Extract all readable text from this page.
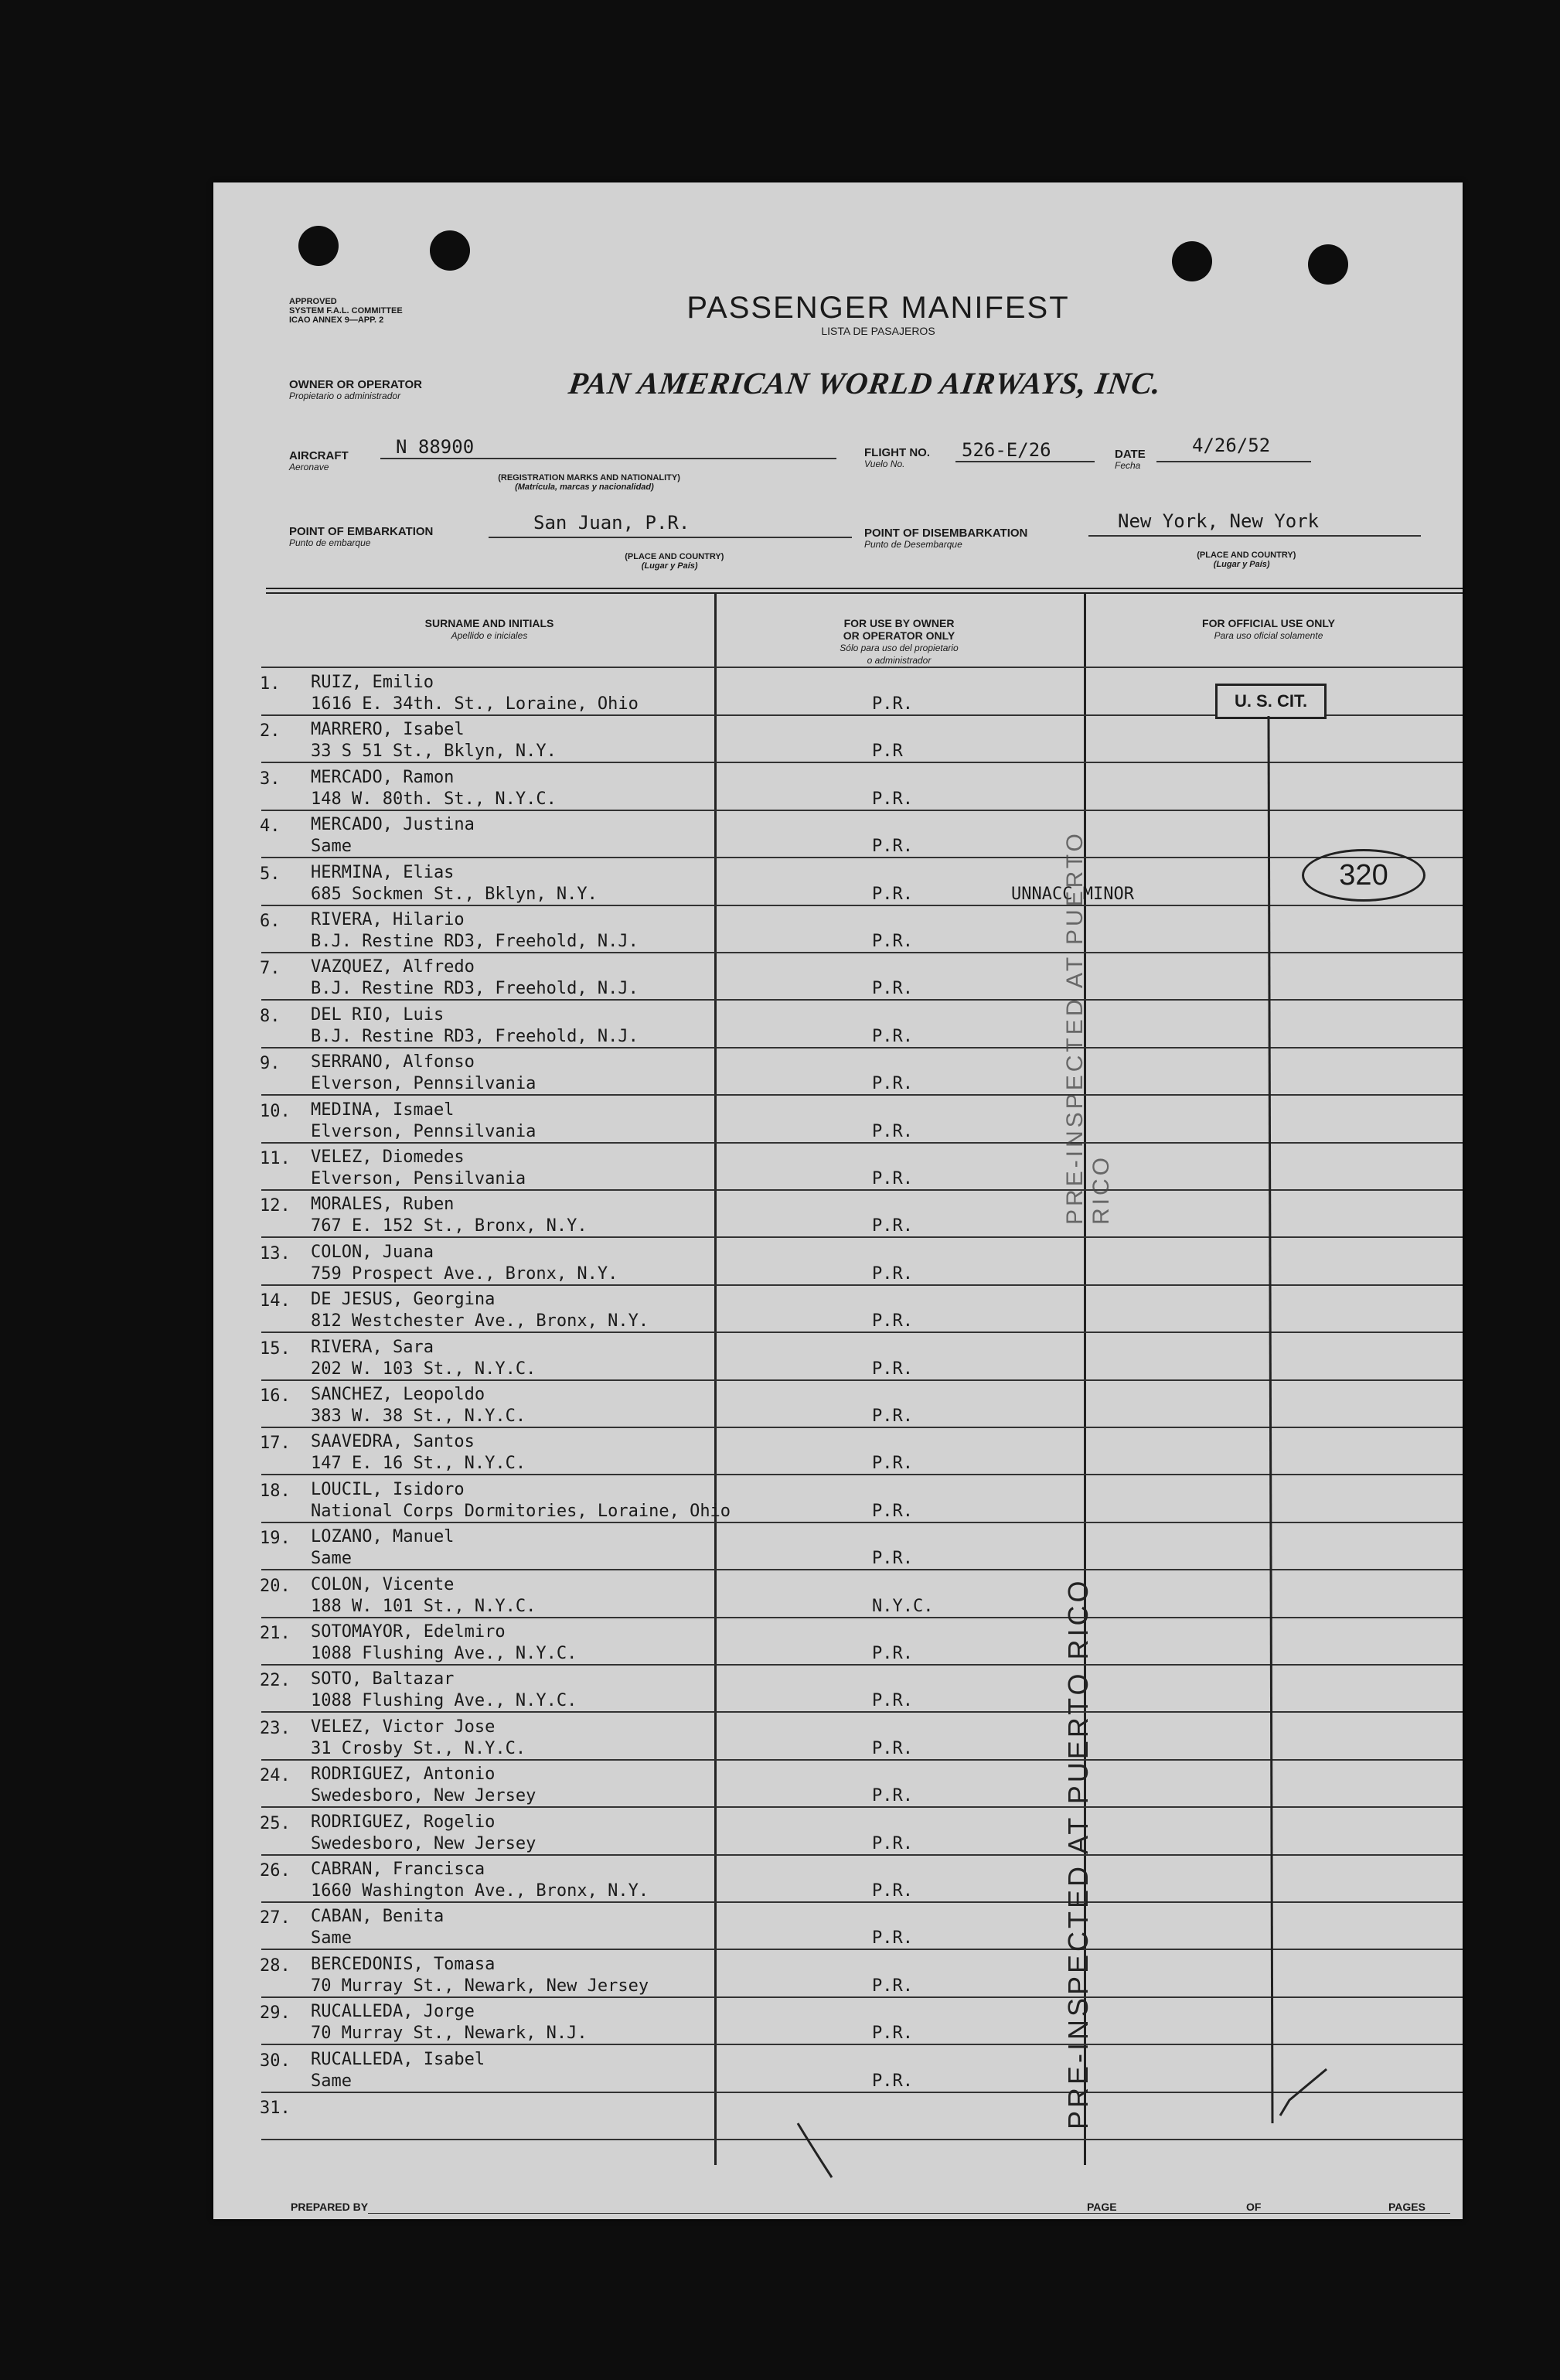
APPROVED
SYSTEM F.A.L. COMMITTEE
ICAO ANNEX 9—APP. 2	PASSENGER MANIFEST
LISTA DE PASAJEROS
OWNER OR OPERATOR
Propietario o administrador	PAN AMERICAN WORLD AIRWAYS, INC.
AIRCRAFT
Aeronave
N 88900

(REGISTRATION MARKS AND NATIONALITY)
(Matrícula, marcas y nacionalidad)

FLIGHT NO.
Vuelo No.
526-E/26	DATE
Fecha
4/26/52
POINT OF EMBARKATION
Punto de embarque
San Juan, P.R.

(PLACE AND COUNTRY)
(Lugar y País)

POINT OF DISEMBARKATION
Punto de Desembarque
New York, New York

(PLACE AND COUNTRY)
(Lugar y País)

SURNAME AND INITIALS
Apellido e iniciales

FOR USE BY OWNER
OR OPERATOR ONLY
Sólo para uso del propietario
o administrador

FOR OFFICIAL USE ONLY
Para uso oficial solamente
1. RUIZ, Emilio
1616 E. 34th. St., Loraine, Ohio	P.R.
2. MARRERO, Isabel
33 S 51 St., Bklyn, N.Y.	P.R
3. MERCADO, Ramon
148 W. 80th. St., N.Y.C.	P.R.
4. MERCADO, Justina
Same	P.R.
5. HERMINA, Elias
685 Sockmen St., Bklyn, N.Y.	P.R.	UNNACC MINOR
6. RIVERA, Hilario
B.J. Restine RD3, Freehold, N.J.	P.R.
7. VAZQUEZ, Alfredo
B.J. Restine RD3, Freehold, N.J.	P.R.
8. DEL RIO, Luis
B.J. Restine RD3, Freehold, N.J.	P.R.
9. SERRANO, Alfonso
Elverson, Pennsilvania	P.R.
10. MEDINA, Ismael
Elverson, Pennsilvania	P.R.
11. VELEZ, Diomedes
Elverson, Pensilvania	P.R.
12. MORALES, Ruben
767 E. 152 St., Bronx, N.Y.	P.R.
13. COLON, Juana
759 Prospect Ave., Bronx, N.Y.	P.R.
14. DE JESUS, Georgina
812 Westchester Ave., Bronx, N.Y.	P.R.
15. RIVERA, Sara
202 W. 103 St., N.Y.C.	P.R.
16. SANCHEZ, Leopoldo
383 W. 38 St., N.Y.C.	P.R.
17. SAAVEDRA, Santos
147 E. 16 St., N.Y.C.	P.R.
18. LOUCIL, Isidoro
National Corps Dormitories, Loraine, Ohio	P.R.
19. LOZANO, Manuel
Same	P.R.
20. COLON, Vicente
188 W. 101 St., N.Y.C.	N.Y.C.
21. SOTOMAYOR, Edelmiro
1088 Flushing Ave., N.Y.C.	P.R.
22. SOTO, Baltazar
1088 Flushing Ave., N.Y.C.	P.R.
23. VELEZ, Victor Jose
31 Crosby St., N.Y.C.	P.R.
24. RODRIGUEZ, Antonio
Swedesboro, New Jersey	P.R.
25. RODRIGUEZ, Rogelio
Swedesboro, New Jersey	P.R.
26. CABRAN, Francisca
1660 Washington Ave., Bronx, N.Y.	P.R.
27. CABAN, Benita
Same	P.R.
28. BERCEDONIS, Tomasa
70 Murray St., Newark, New Jersey	P.R.
29. RUCALLEDA, Jorge
70 Murray St., Newark, N.J.	P.R.
30. RUCALLEDA, Isabel
Same	P.R.
31.	PRE-INSPECTED AT PUERTO RICO
PRE-INSPECTED AT PUERTO RICO
U. S. CIT.
320
PREPARED BY	PAGE	OF	PAGES
